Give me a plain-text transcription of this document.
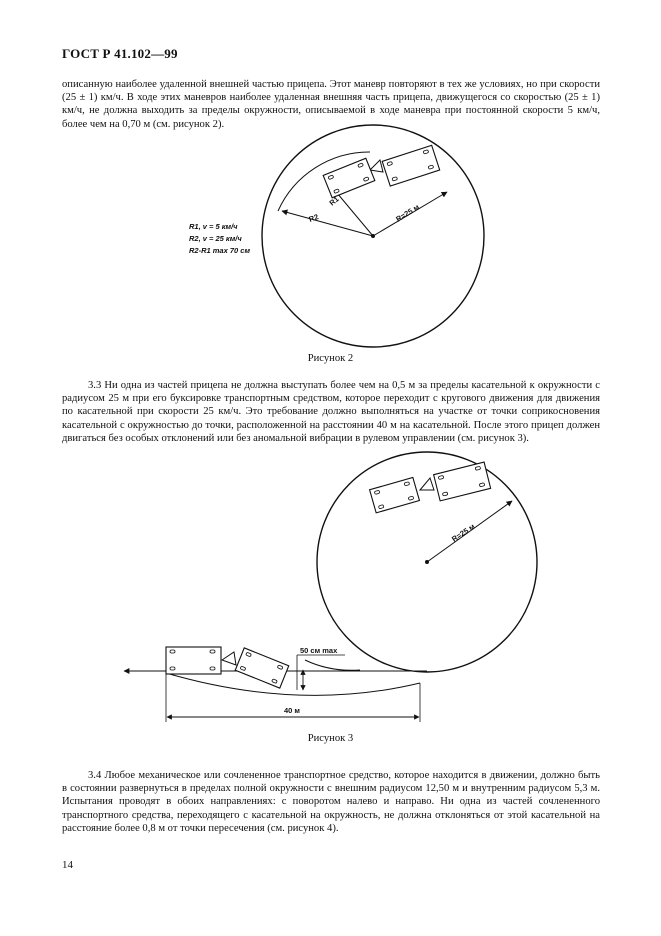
ГОСТ Р 41.102—99
описанную наиболее удаленной внешней частью прицепа. Этот маневр повторяют в тех же условиях, но при скорости (25 ± 1) км/ч. В ходе этих маневров наиболее удаленная внешняя часть прицепа, движущегося со скоростью (25 ± 1) км/ч, не должна выходить за пределы окружности, описываемой в ходе маневра при постоянной скорости 5 км/ч, более чем на 0,70 м (см. рисунок 2).
R1, v = 5 км/ч
R2, v = 25 км/ч
R2-R1 max 70 см
R=25 м
R1
R2
R=25 м
50 см max
40 м
Рисунок 2
3.3 Ни одна из частей прицепа не должна выступать более чем на 0,5 м за пределы касательной к окружности с радиусом 25 м при его буксировке транспортным средством, которое переходит с кругового движения для движения по касательной при скорости 25 км/ч. Это требование должно выполняться на участке от точки соприкосновения касательной с окружностью до точки, расположенной на расстоянии 40 м на касательной. После этого прицеп должен двигаться без особых отклонений или без аномальной вибрации в рулевом управлении (см. рисунок 3).
Рисунок 3
3.4 Любое механическое или сочлененное транспортное средство, которое находится в движении, должно быть в состоянии развернуться в пределах полной окружности с внешним радиусом 12,50 м и внутренним радиусом 5,3 м. Испытания проводят в обоих направлениях: с поворотом налево и направо. Ни одна из частей сочлененного транспортного средства, переходящего с касательной на окружность, не должна отклоняться от этой касательной на расстояние более 0,8 м от точки пересечения (см. рисунок 4).
14
